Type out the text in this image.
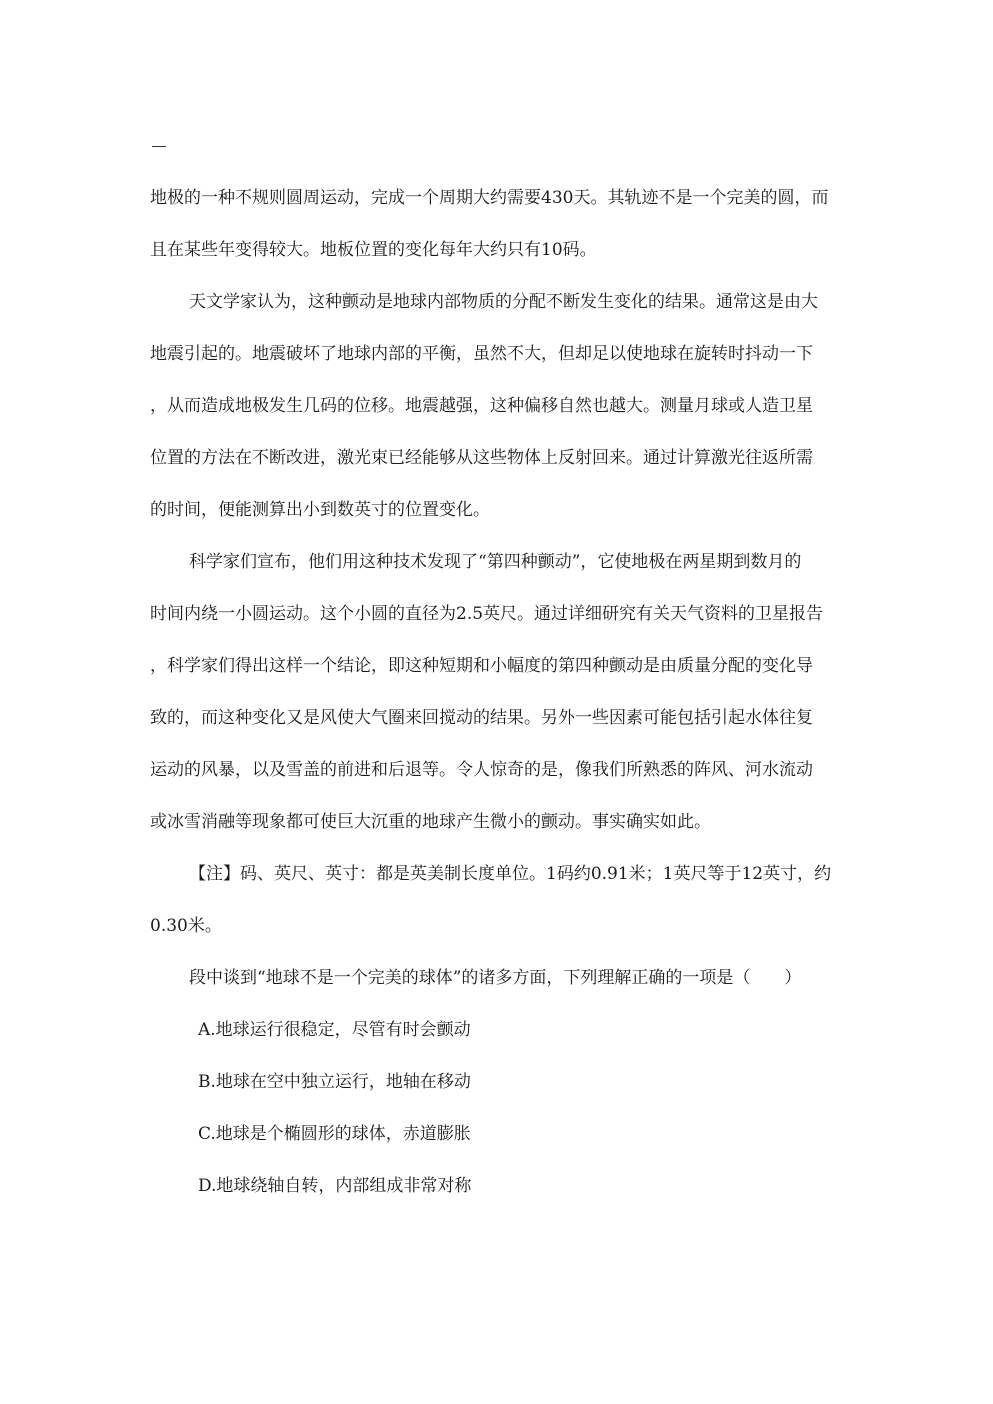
地极的一种不规则圆周运动，完成一个周期大约需要430天。其轨迹不是一个完美的圆，而
且在某些年变得较大。地板位置的变化每年大约只有10码。
天文学家认为，这种颤动是地球内部物质的分配不断发生变化的结果。通常这是由大
地震引起的。地震破坏了地球内部的平衡，虽然不大，但却足以使地球在旋转时抖动一下
，从而造成地极发生几码的位移。地震越强，这种偏移自然也越大。测量月球或人造卫星
位置的方法在不断改进，激光束已经能够从这些物体上反射回来。通过计算激光往返所需
的时间，便能测算出小到数英寸的位置变化。
科学家们宣布，他们用这种技术发现了“第四种颤动”，它使地极在两星期到数月的
时间内绕一小圆运动。这个小圆的直径为2.5英尺。通过详细研究有关天气资料的卫星报告
，科学家们得出这样一个结论，即这种短期和小幅度的第四种颤动是由质量分配的变化导
致的，而这种变化又是风使大气圈来回搅动的结果。另外一些因素可能包括引起水体往复
运动的风暴，以及雪盖的前进和后退等。令人惊奇的是，像我们所熟悉的阵风、河水流动
或冰雪消融等现象都可使巨大沉重的地球产生微小的颤动。事实确实如此。
【注】码、英尺、英寸：都是英美制长度单位。1码约0.91米；1英尺等于12英寸，约
0.30米。
段中谈到“地球不是一个完美的球体”的诸多方面，下列理解正确的一项是（　　）
A.地球运行很稳定，尽管有时会颤动
B.地球在空中独立运行，地轴在移动
C.地球是个椭圆形的球体，赤道膨胀
D.地球绕轴自转，内部组成非常对称
